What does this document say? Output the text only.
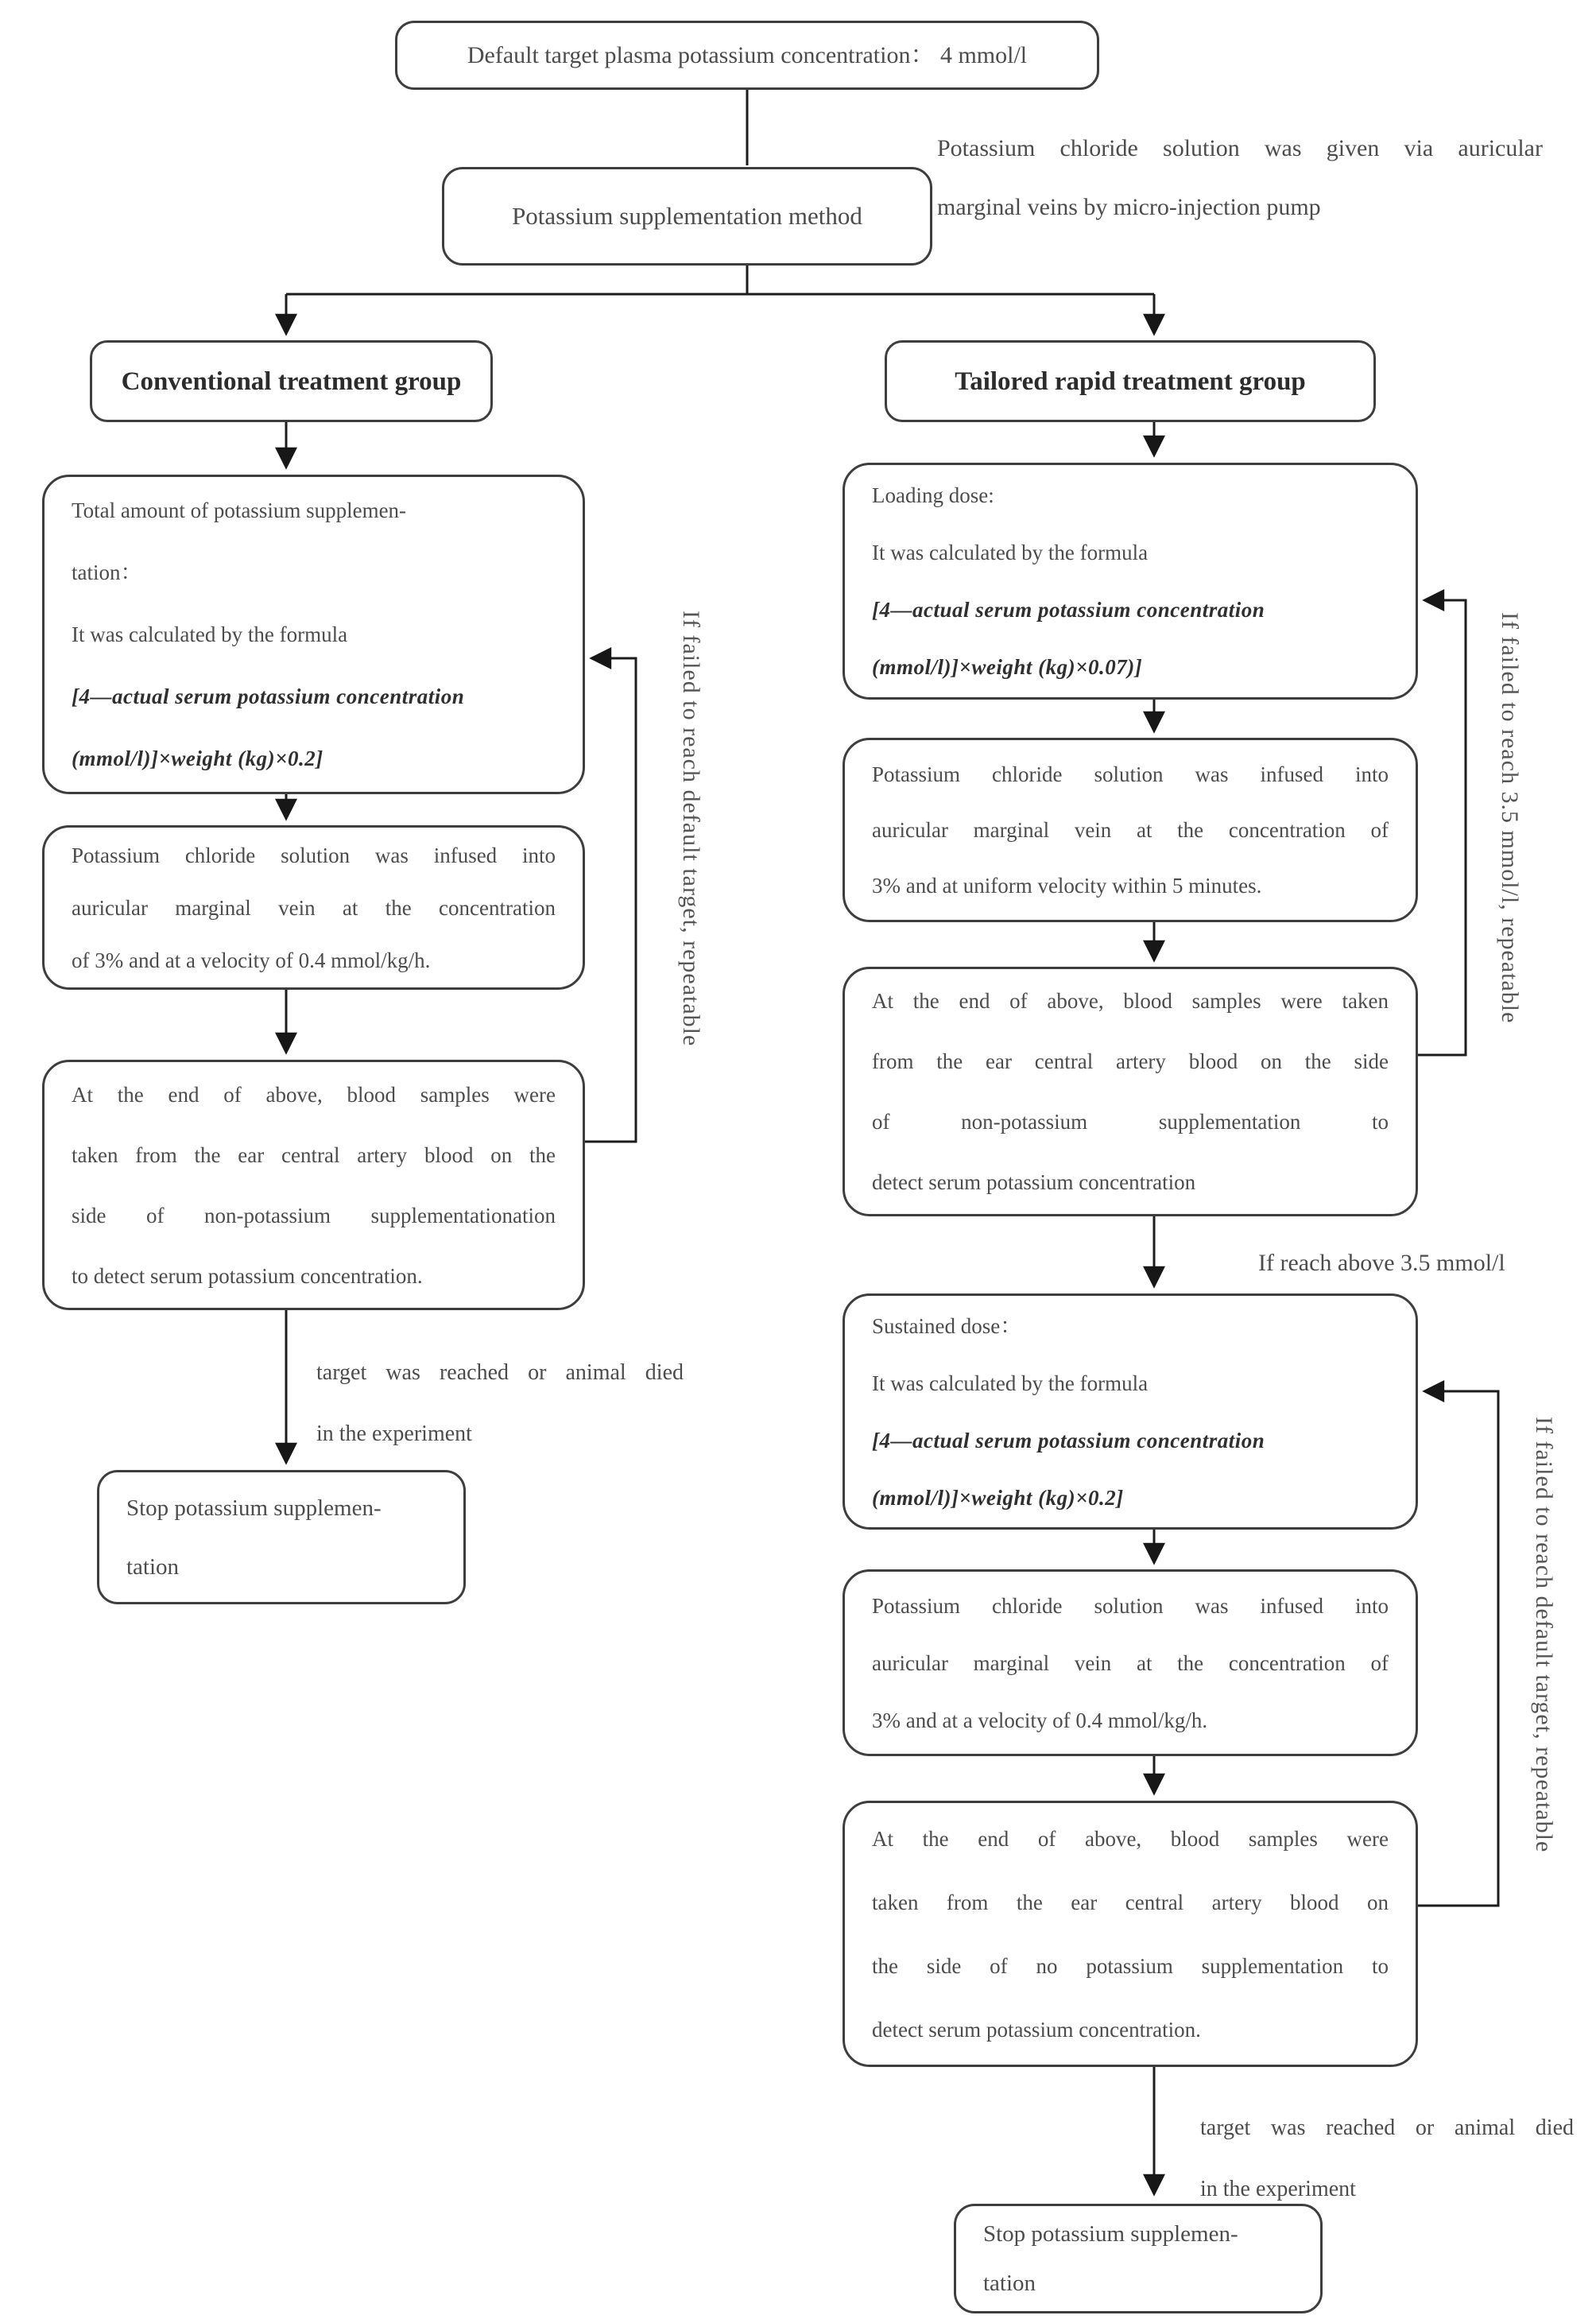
Default target plasma potassium concentration： 4 mmol/l
Potassium supplementation method
Potassium chloride solution was given via auricular
marginal veins by micro-injection pump
Conventional treatment group
Total amount of potassium supplemen-
tation：
It was calculated by the formula
[4—actual serum potassium concentration
(mmol/l)]×weight (kg)×0.2]
Potassium chloride solution was infused into
auricular marginal vein at the concentration
of 3% and at a velocity of 0.4 mmol/kg/h.
At the end of above, blood samples were
taken from the ear central artery blood on the
side of non-potassium supplementationation
to detect serum potassium concentration.
If failed to reach default target, repeatable
target was reached or animal died
in the experiment
Stop potassium supplemen-
tation
Tailored rapid treatment group
Loading dose:
It was calculated by the formula
[4—actual serum potassium concentration
(mmol/l)]×weight (kg)×0.07)]
Potassium chloride solution was infused into
auricular marginal vein at the concentration of
3% and at uniform velocity within 5 minutes.
At the end of above, blood samples were taken
from the ear central artery blood on the side
of non-potassium supplementation to
detect serum potassium concentration
If failed to reach 3.5 mmol/l, repeatable
If reach above 3.5 mmol/l
Sustained dose：
It was calculated by the formula
[4—actual serum potassium concentration
(mmol/l)]×weight (kg)×0.2]
Potassium chloride solution was infused into
auricular marginal vein at the concentration of
3% and at a velocity of 0.4 mmol/kg/h.
At the end of above, blood samples were
taken from the ear central artery blood on
the side of no potassium supplementation to
detect serum potassium concentration.
If failed to reach default target, repeatable
target was reached or animal died
in the experiment
Stop potassium supplemen-
tation
